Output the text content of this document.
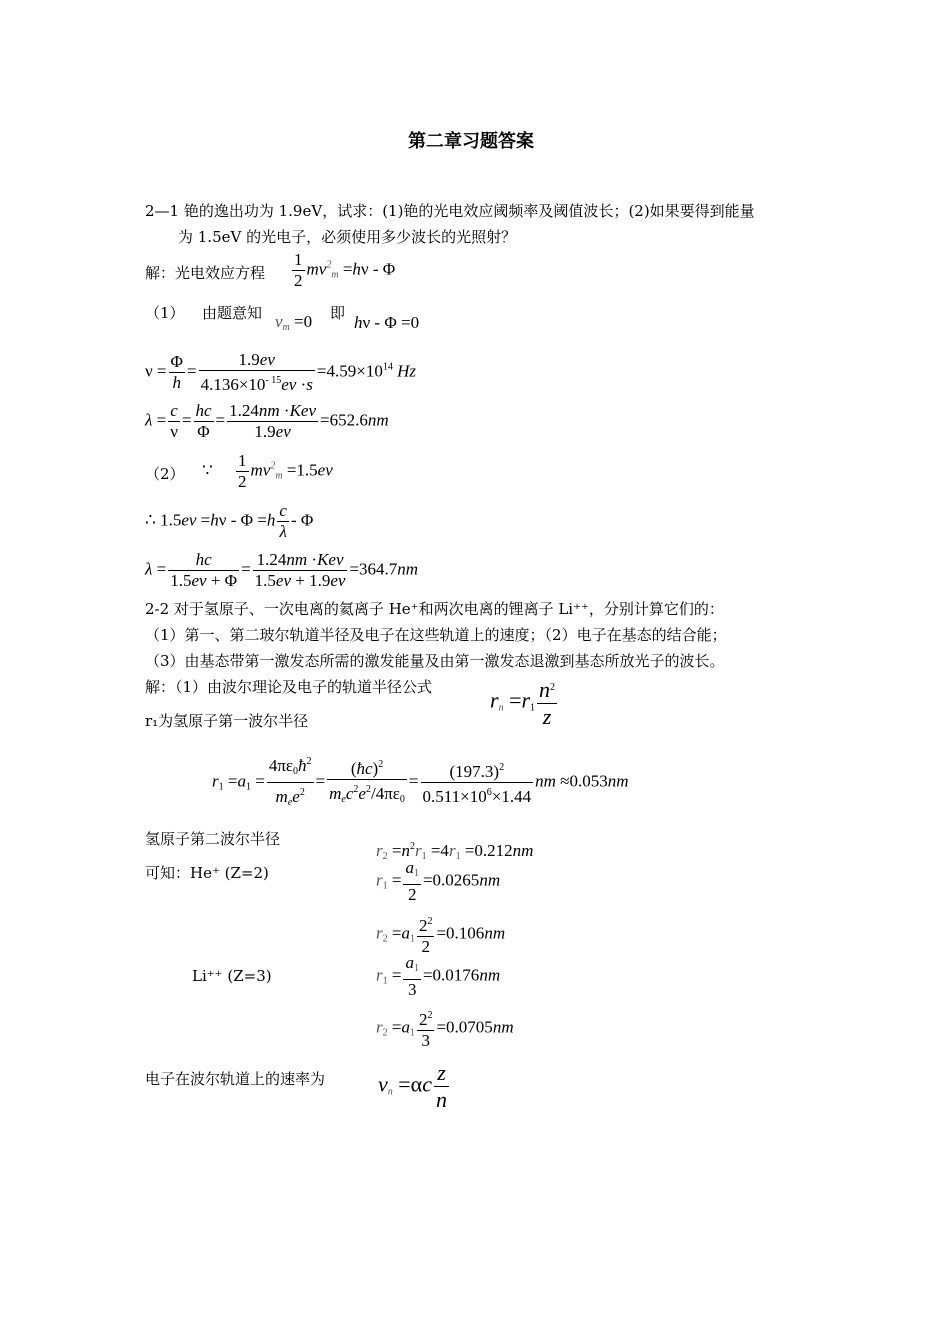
第二章习题答案
2—1 铯的逸出功为 1.9eV，试求：(1)铯的光电效应阈频率及阈值波长；(2)如果要得到能量
为 1.5eV 的光电子，必须使用多少波长的光照射？
解：光电效应方程 $\frac{1}{2} mv^2_m =h\nu - \Phi$
（1） 由题意知 $v_m =0$ 即 hν - Φ =0
$\nu = \frac{\Phi}{h} = \frac{1.9ev}{4.136\times 10^{- 15}ev \cdot s} =4.59\times 10^{14}$ Hz
$\lambda = \frac{c}{\nu} = \frac{hc}{\Phi} = \frac{\text{1.24nm ·Kev}}{1.9ev} =652.6nm$
（2） ∵ $\frac{1}{2} mv^2_m =1.5ev$
∴ $1.5ev =h\nu - \Phi =h \frac{c}{\lambda} - \Phi$
$\lambda = \frac{hc}{1.5ev + \Phi} = \frac{\text{1.24nm ·Kev}}{1.5ev + 1.9ev} =364.7nm$
2-2 对于氢原子、一次电离的氦离子 He⁺和两次电离的锂离子 Li⁺⁺，分别计算它们的：
（1）第一、第二玻尔轨道半径及电子在这些轨道上的速度；（2）电子在基态的结合能；
（3）由基态带第一激发态所需的激发能量及由第一激发态退激到基态所放光子的波长。
解：（1）由波尔理论及电子的轨道半径公式
$r_n =r_1 \frac{n^2}{z}$
r₁为氢原子第一波尔半径
$r_1 =a_1 = \frac{4\pi\varepsilon_0ħ^2}{m_ee^2} = \frac{(ħc)^2}{m_ec^2e^2/4\pi\varepsilon_0} = \frac{(197.3)^2}{0.511\times 10^6\times 1.44}$ nm ≈0.053nm
氢原子第二波尔半径
$r_2 =n^2r_1 =4r_1 =0.212nm$
可知：He⁺ (Z=2)	$r_1 = \frac{a_1}{2} =0.0265nm$
$r_2 =a_1 \frac{2^2}{2} =0.106nm$
Li⁺⁺ (Z=3)	$r_1 = \frac{a_1}{3} =0.0176nm$
$r_2 =a_1 \frac{2^2}{3} =0.0705nm$
电子在波尔轨道上的速率为 $v_n =\alpha c \frac{z}{n}$
